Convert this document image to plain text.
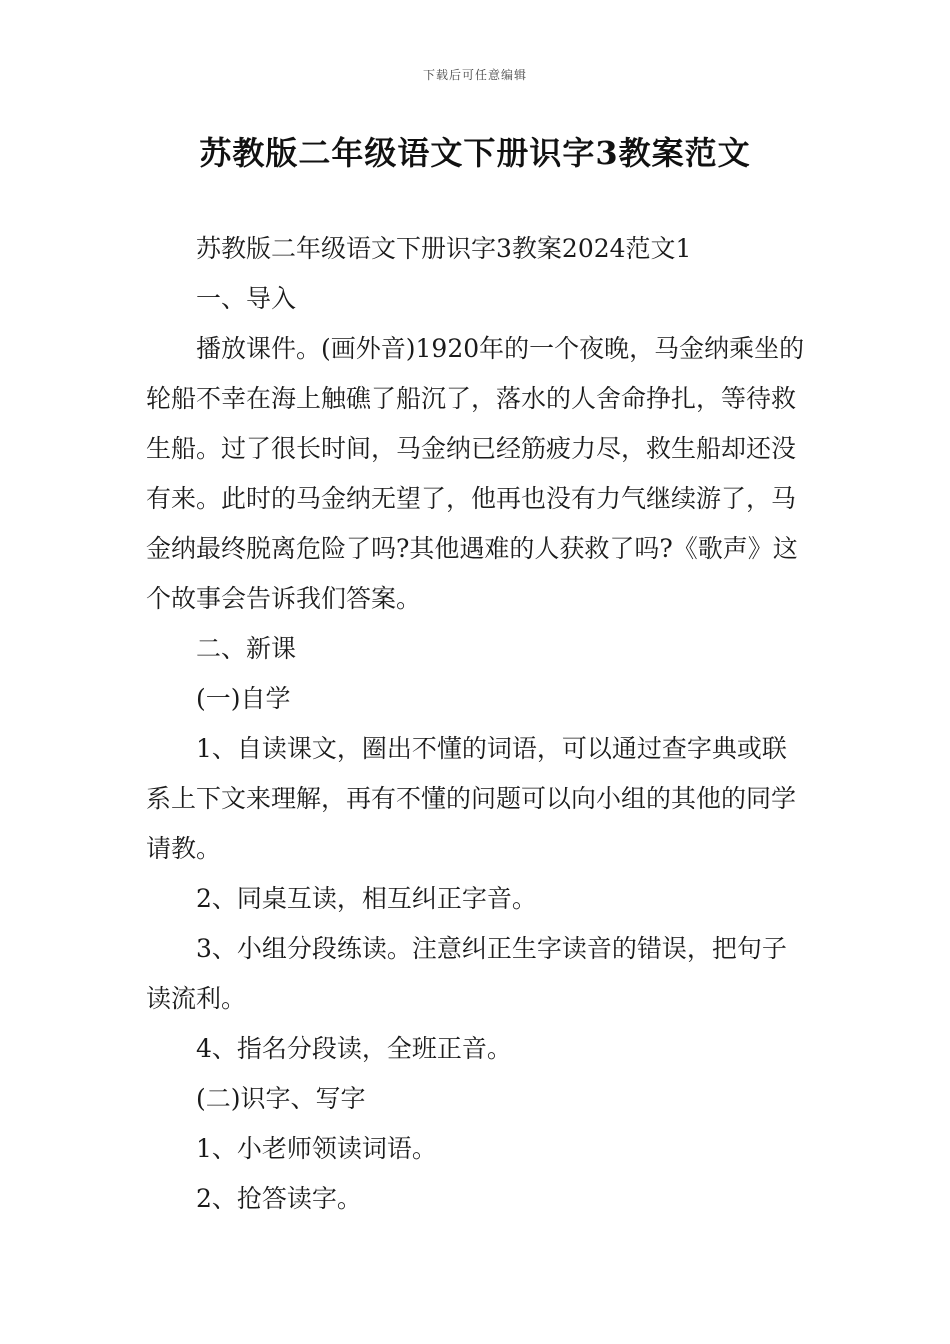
下载后可任意编辑
苏教版二年级语文下册识字3教案范文

苏教版二年级语文下册识字3教案2024范文1

一、导入

播放课件。(画外音)1920年的一个夜晚，马金纳乘坐的轮船不幸在海上触礁了船沉了，落水的人舍命挣扎，等待救生船。过了很长时间，马金纳已经筋疲力尽，救生船却还没有来。此时的马金纳无望了，他再也没有力气继续游了，马金纳最终脱离危险了吗?其他遇难的人获救了吗?《歌声》这个故事会告诉我们答案。

二、新课

(一)自学

1、自读课文，圈出不懂的词语，可以通过查字典或联系上下文来理解，再有不懂的问题可以向小组的其他的同学请教。

2、同桌互读，相互纠正字音。

3、小组分段练读。注意纠正生字读音的错误，把句子读流利。

4、指名分段读，全班正音。

(二)识字、写字

1、小老师领读词语。

2、抢答读字。
